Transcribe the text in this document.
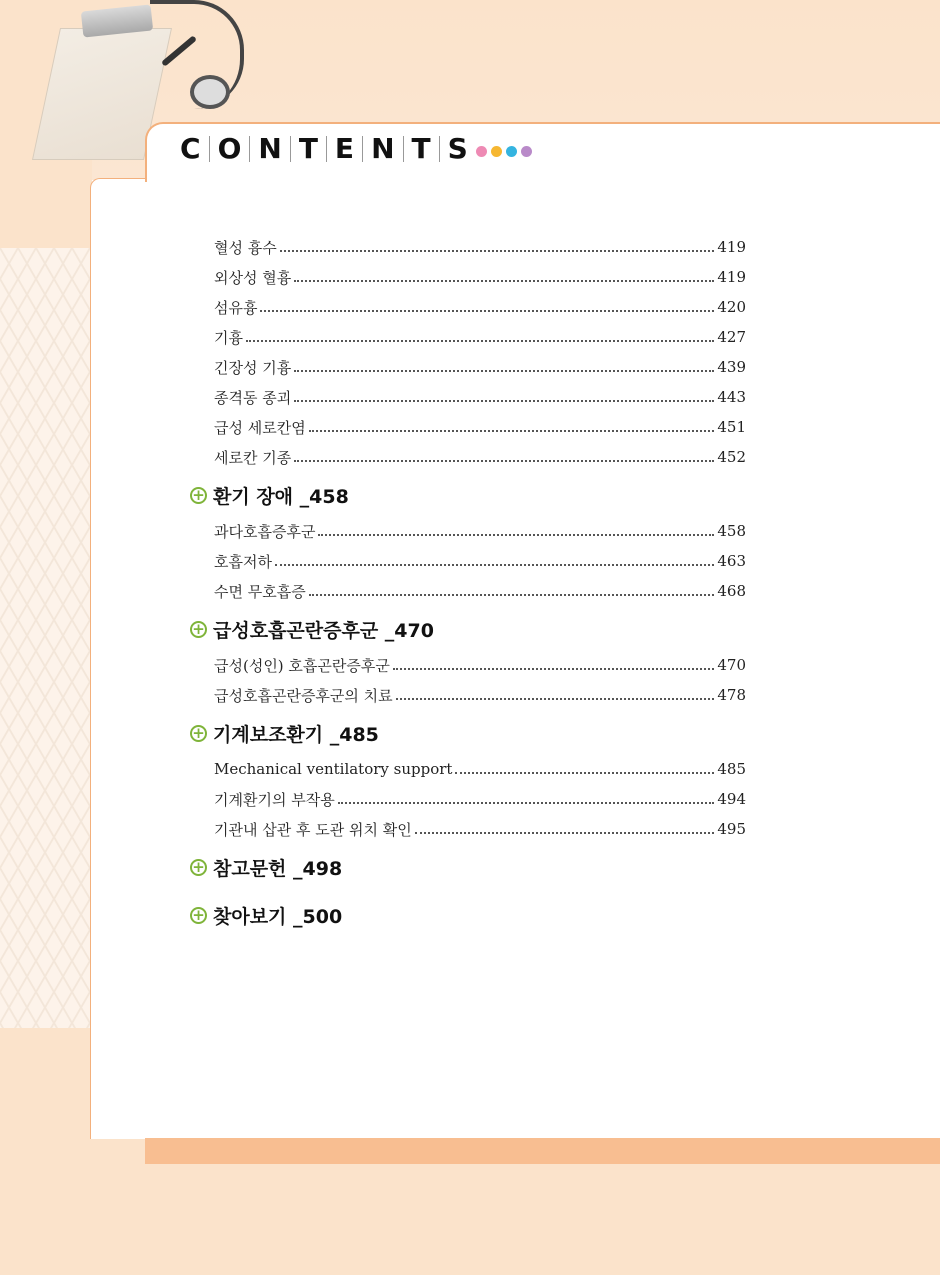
C O N T E N T S
혈성 흉수	419
외상성 혈흉	419
섬유흉	420
기흉	427
긴장성 기흉	439
종격동 종괴	443
급성 세로칸염	451
세로칸 기종	452
+ 환기 장애 _458
과다호흡증후군	458
호흡저하	463
수면 무호흡증	468
+ 급성호흡곤란증후군 _470
급성(성인) 호흡곤란증후군	470
급성호흡곤란증후군의 치료	478
+ 기계보조환기 _485
Mechanical ventilatory support	485
기계환기의 부작용	494
기관내 삽관 후 도관 위치 확인	495
+ 참고문헌 _498
+ 찾아보기 _500
